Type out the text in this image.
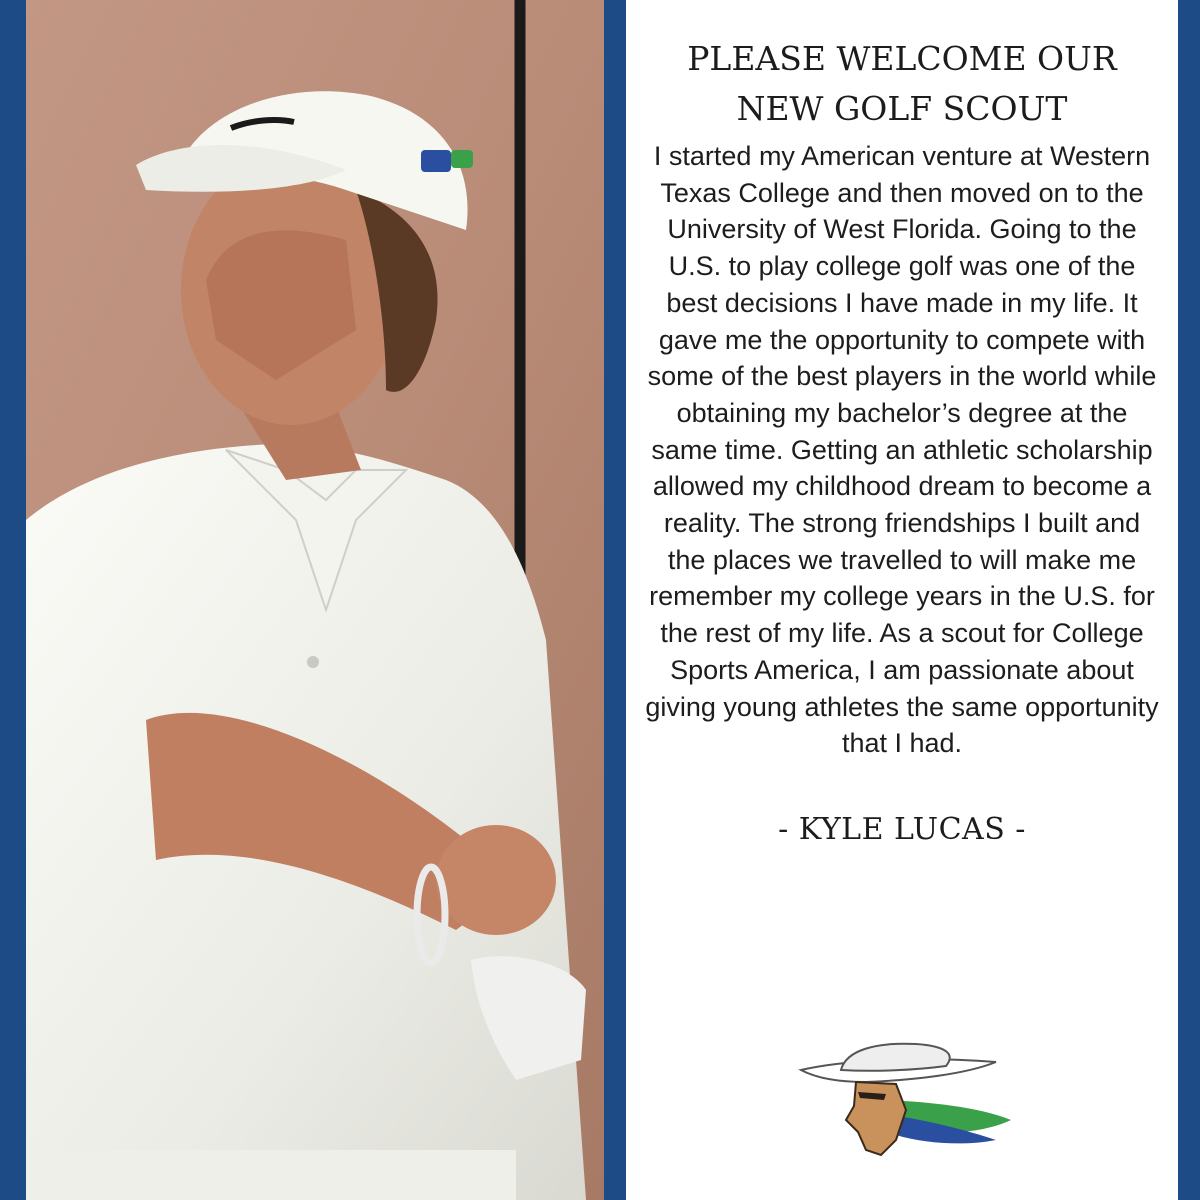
PLEASE WELCOME OUR
NEW GOLF SCOUT

I started my American venture at Western Texas College and then moved on to the University of West Florida. Going to the U.S. to play college golf was one of the best decisions I have made in my life. It gave me the opportunity to compete with some of the best players in the world while obtaining my bachelor’s degree at the same time. Getting an athletic scholarship allowed my childhood dream to become a reality. The strong friendships I built and the places we travelled to will make me remember my college years in the U.S. for the rest of my life. As a scout for College Sports America, I am passionate about giving young athletes the same opportunity that I had.

- KYLE LUCAS -
